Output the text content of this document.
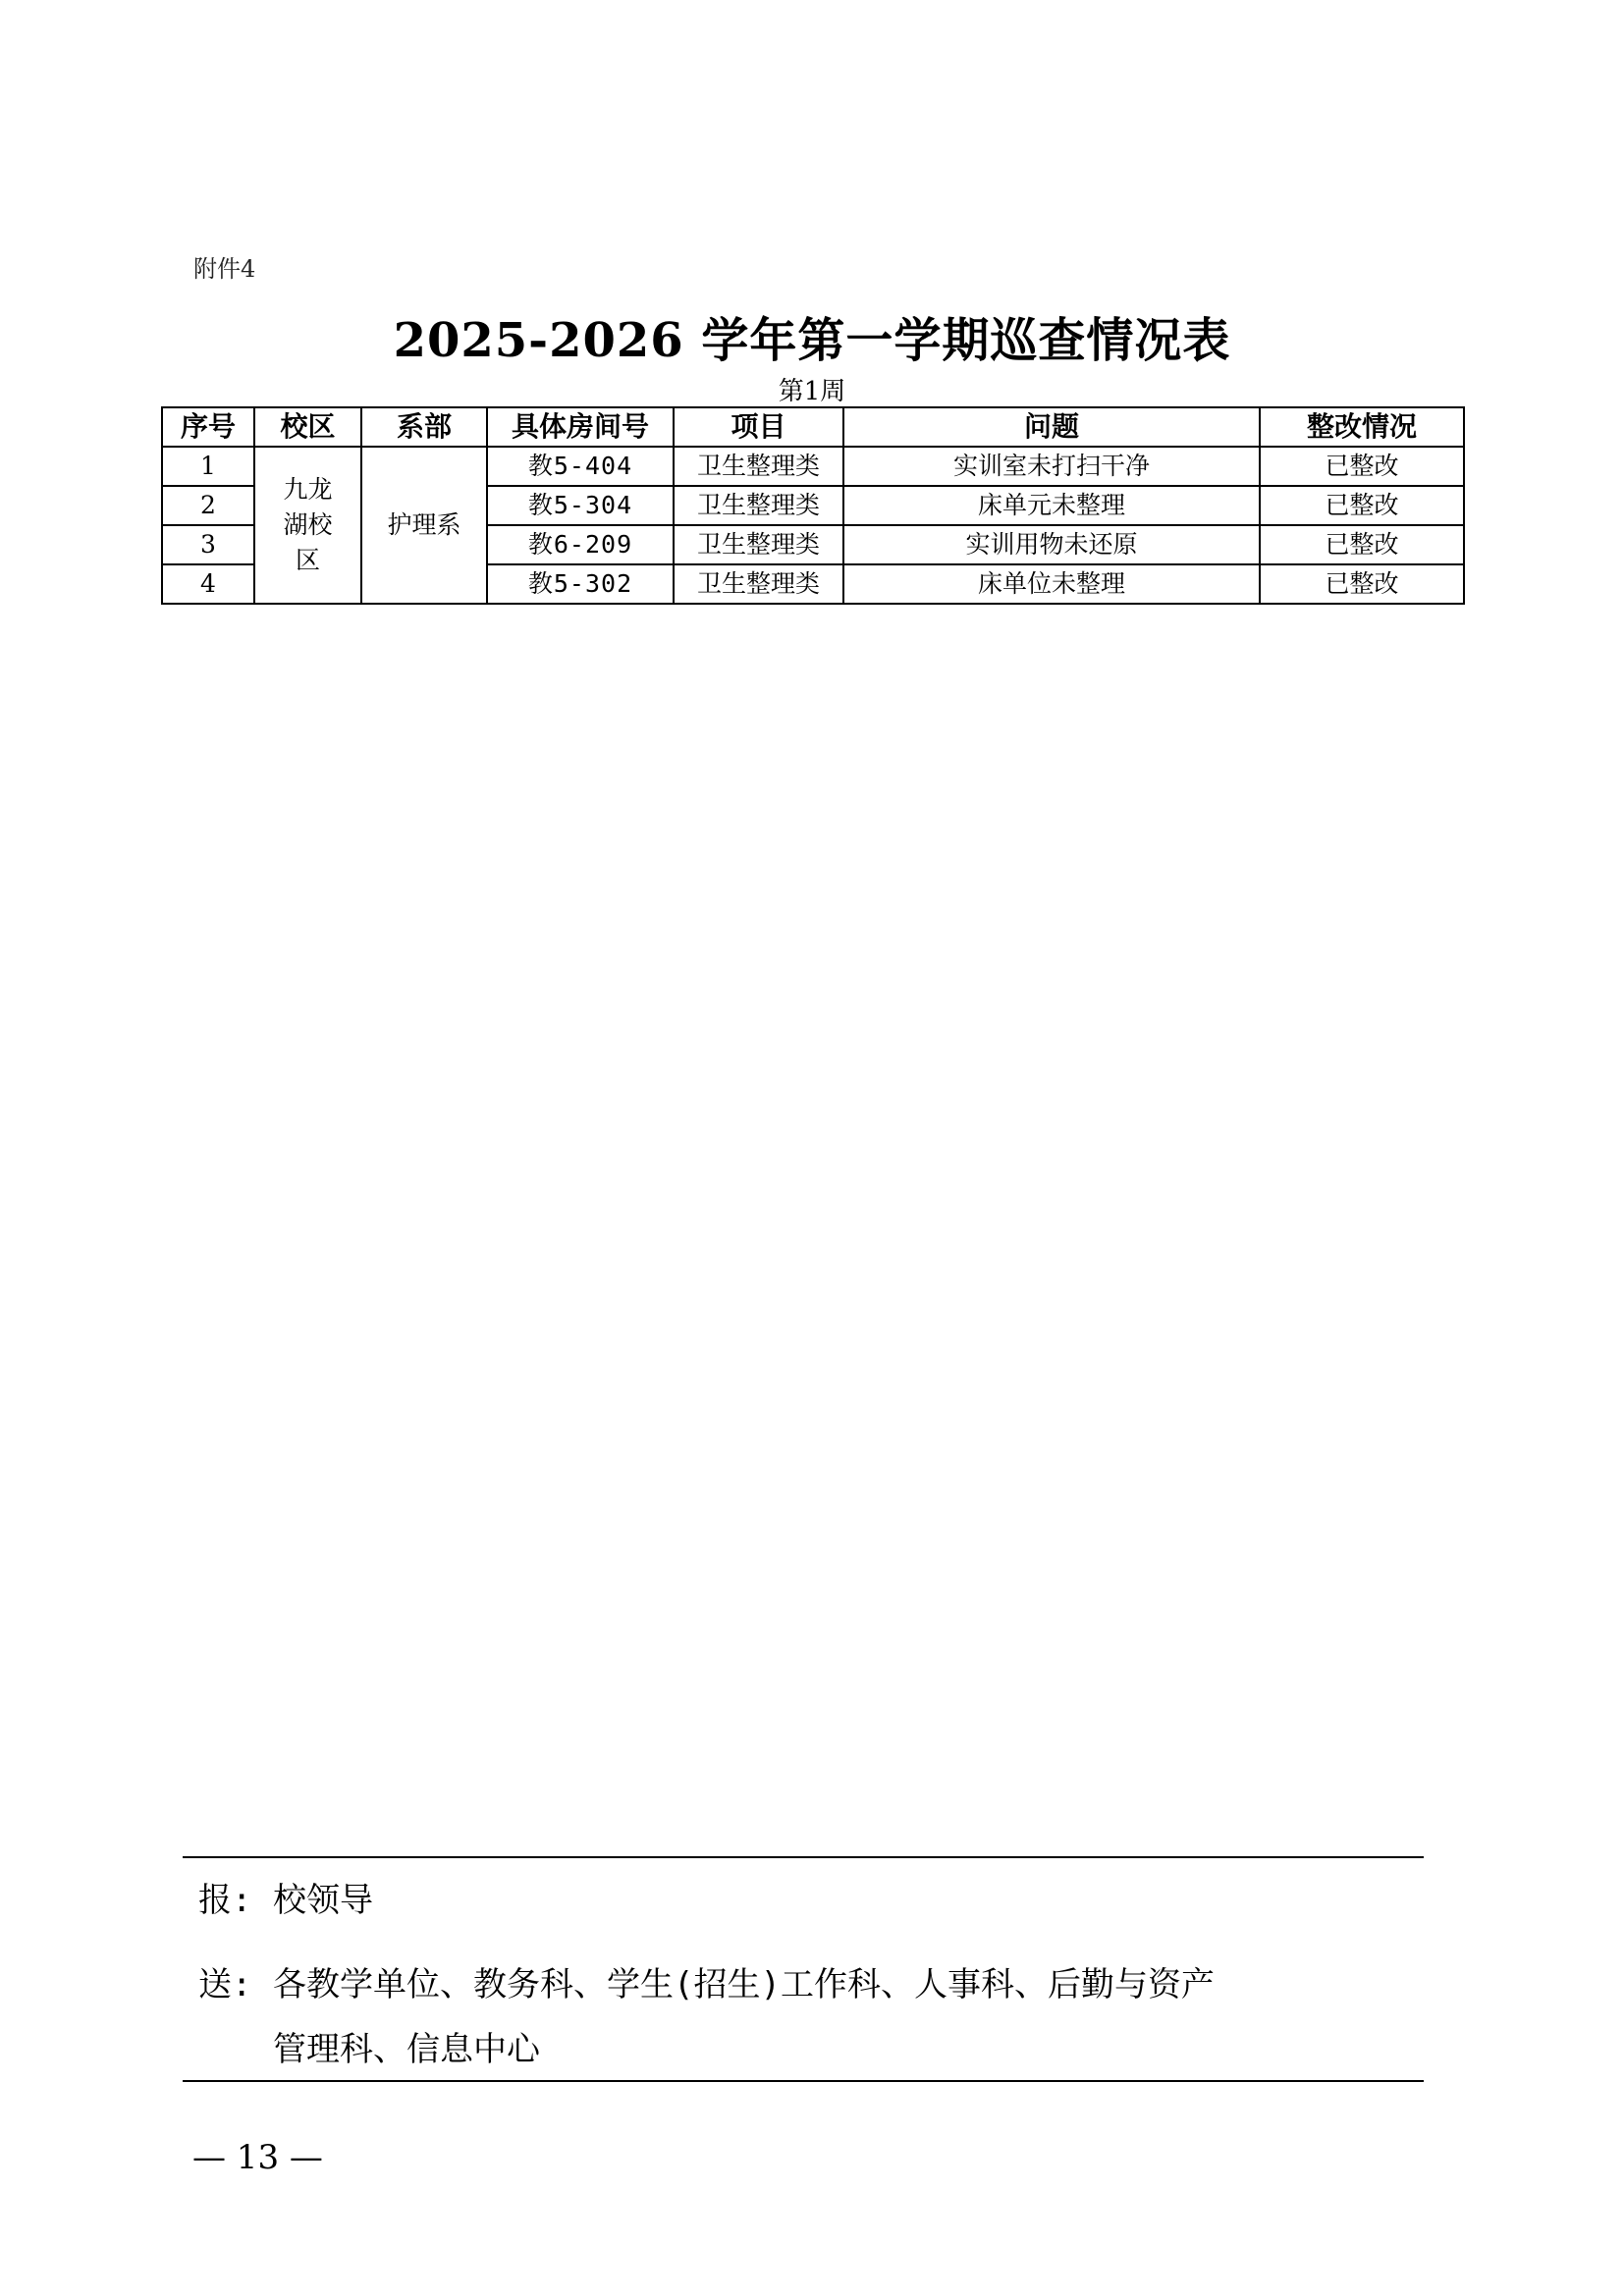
附件4
2025-2026 学年第一学期巡查情况表
第1周
序号	校区	系部	具体房间号	项目	问题	整改情况
1	九龙
湖校
区	护理系	教5-404	卫生整理类	实训室未打扫干净	已整改
2			教5-304	卫生整理类	床单元未整理	已整改
3			教6-209	卫生整理类	实训用物未还原	已整改
4			教5-302	卫生整理类	床单位未整理	已整改
报: 校领导
送: 各教学单位、教务科、学生(招生)工作科、人事科、后勤与资产
管理科、信息中心
— 13 —
